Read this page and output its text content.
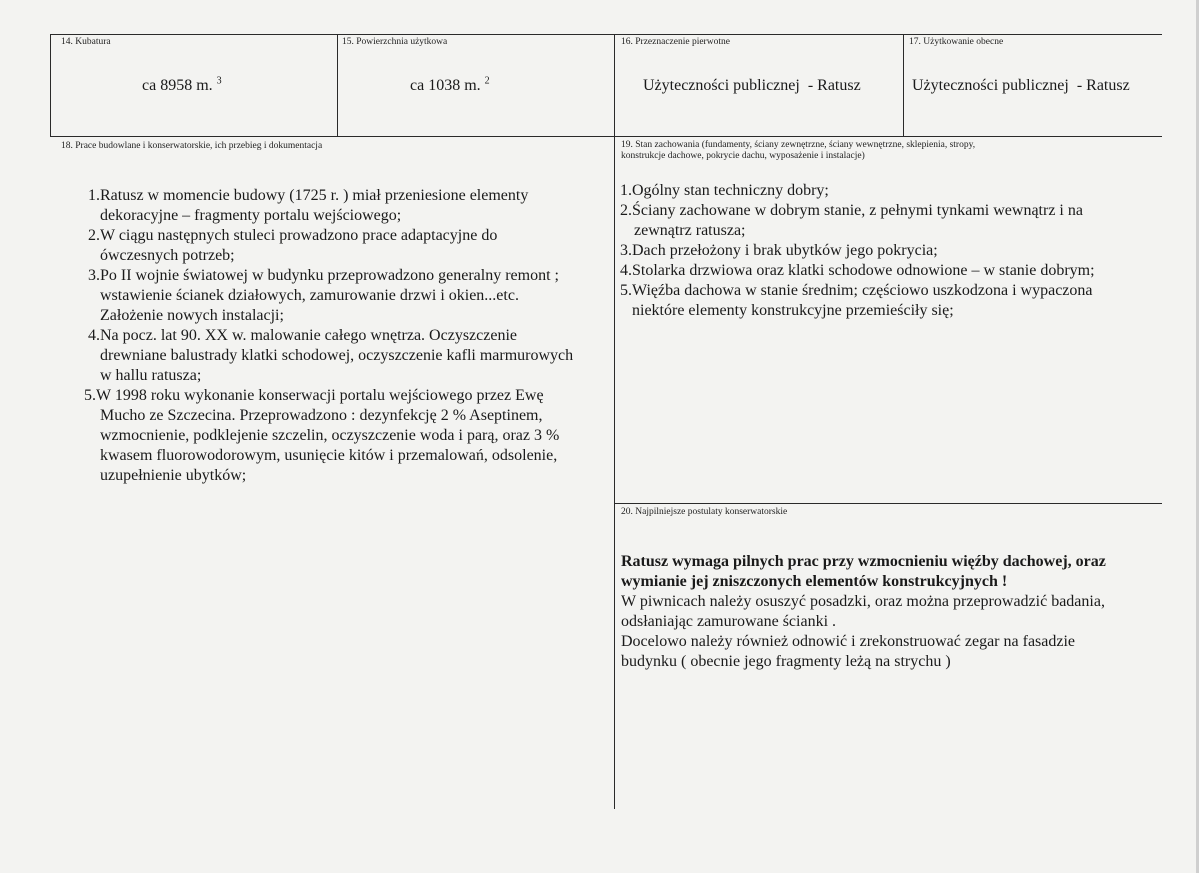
14. Kubatura
ca 8958 m. $^3$
15. Powierzchnia użytkowa
ca 1038 m. $^2$
16. Przeznaczenie pierwotne
Użyteczności publicznej  - Ratusz
17. Użytkowanie obecne
Użyteczności publicznej  - Ratusz
18. Prace budowlane i konserwatorskie, ich przebieg i dokumentacja
1.Ratusz w momencie budowy (1725 r. ) miał przeniesione elementy
dekoracyjne – fragmenty portalu wejściowego;
2.W ciągu następnych stuleci prowadzono prace adaptacyjne do
ówczesnych potrzeb;
3.Po II wojnie światowej w budynku przeprowadzono generalny remont ;
wstawienie ścianek działowych, zamurowanie drzwi i okien...etc.
Założenie nowych instalacji;
4.Na pocz. lat 90. XX w. malowanie całego wnętrza. Oczyszczenie
drewniane balustrady klatki schodowej, oczyszczenie kafli marmurowych
w hallu ratusza;
5.W 1998 roku wykonanie konserwacji portalu wejściowego przez Ewę
Mucho ze Szczecina. Przeprowadzono : dezynfekcję 2 % Aseptinem,
wzmocnienie, podklejenie szczelin, oczyszczenie woda i parą, oraz 3 %
kwasem fluorowodorowym, usunięcie kitów i przemalowań, odsolenie,
uzupełnienie ubytków;
19. Stan zachowania (fundamenty, ściany zewnętrzne, ściany wewnętrzne, sklepienia, stropy,
konstrukcje dachowe, pokrycie dachu, wyposażenie i instalacje)
1.Ogólny stan techniczny dobry;
2.Ściany zachowane w dobrym stanie, z pełnymi tynkami wewnątrz i na
zewnątrz ratusza;
3.Dach przełożony i brak ubytków jego pokrycia;
4.Stolarka drzwiowa oraz klatki schodowe odnowione – w stanie dobrym;
5.Więźba dachowa w stanie średnim; częściowo uszkodzona i wypaczona
niektóre elementy konstrukcyjne przemieściły się;
20. Najpilniejsze postulaty konserwatorskie
Ratusz wymaga pilnych prac przy wzmocnieniu więźby dachowej, oraz
wymianie jej zniszczonych elementów konstrukcyjnych !
W piwnicach należy osuszyć posadzki, oraz można przeprowadzić badania,
odsłaniając zamurowane ścianki .
Docelowo należy również odnowić i zrekonstruować zegar na fasadzie
budynku ( obecnie jego fragmenty leżą na strychu )
